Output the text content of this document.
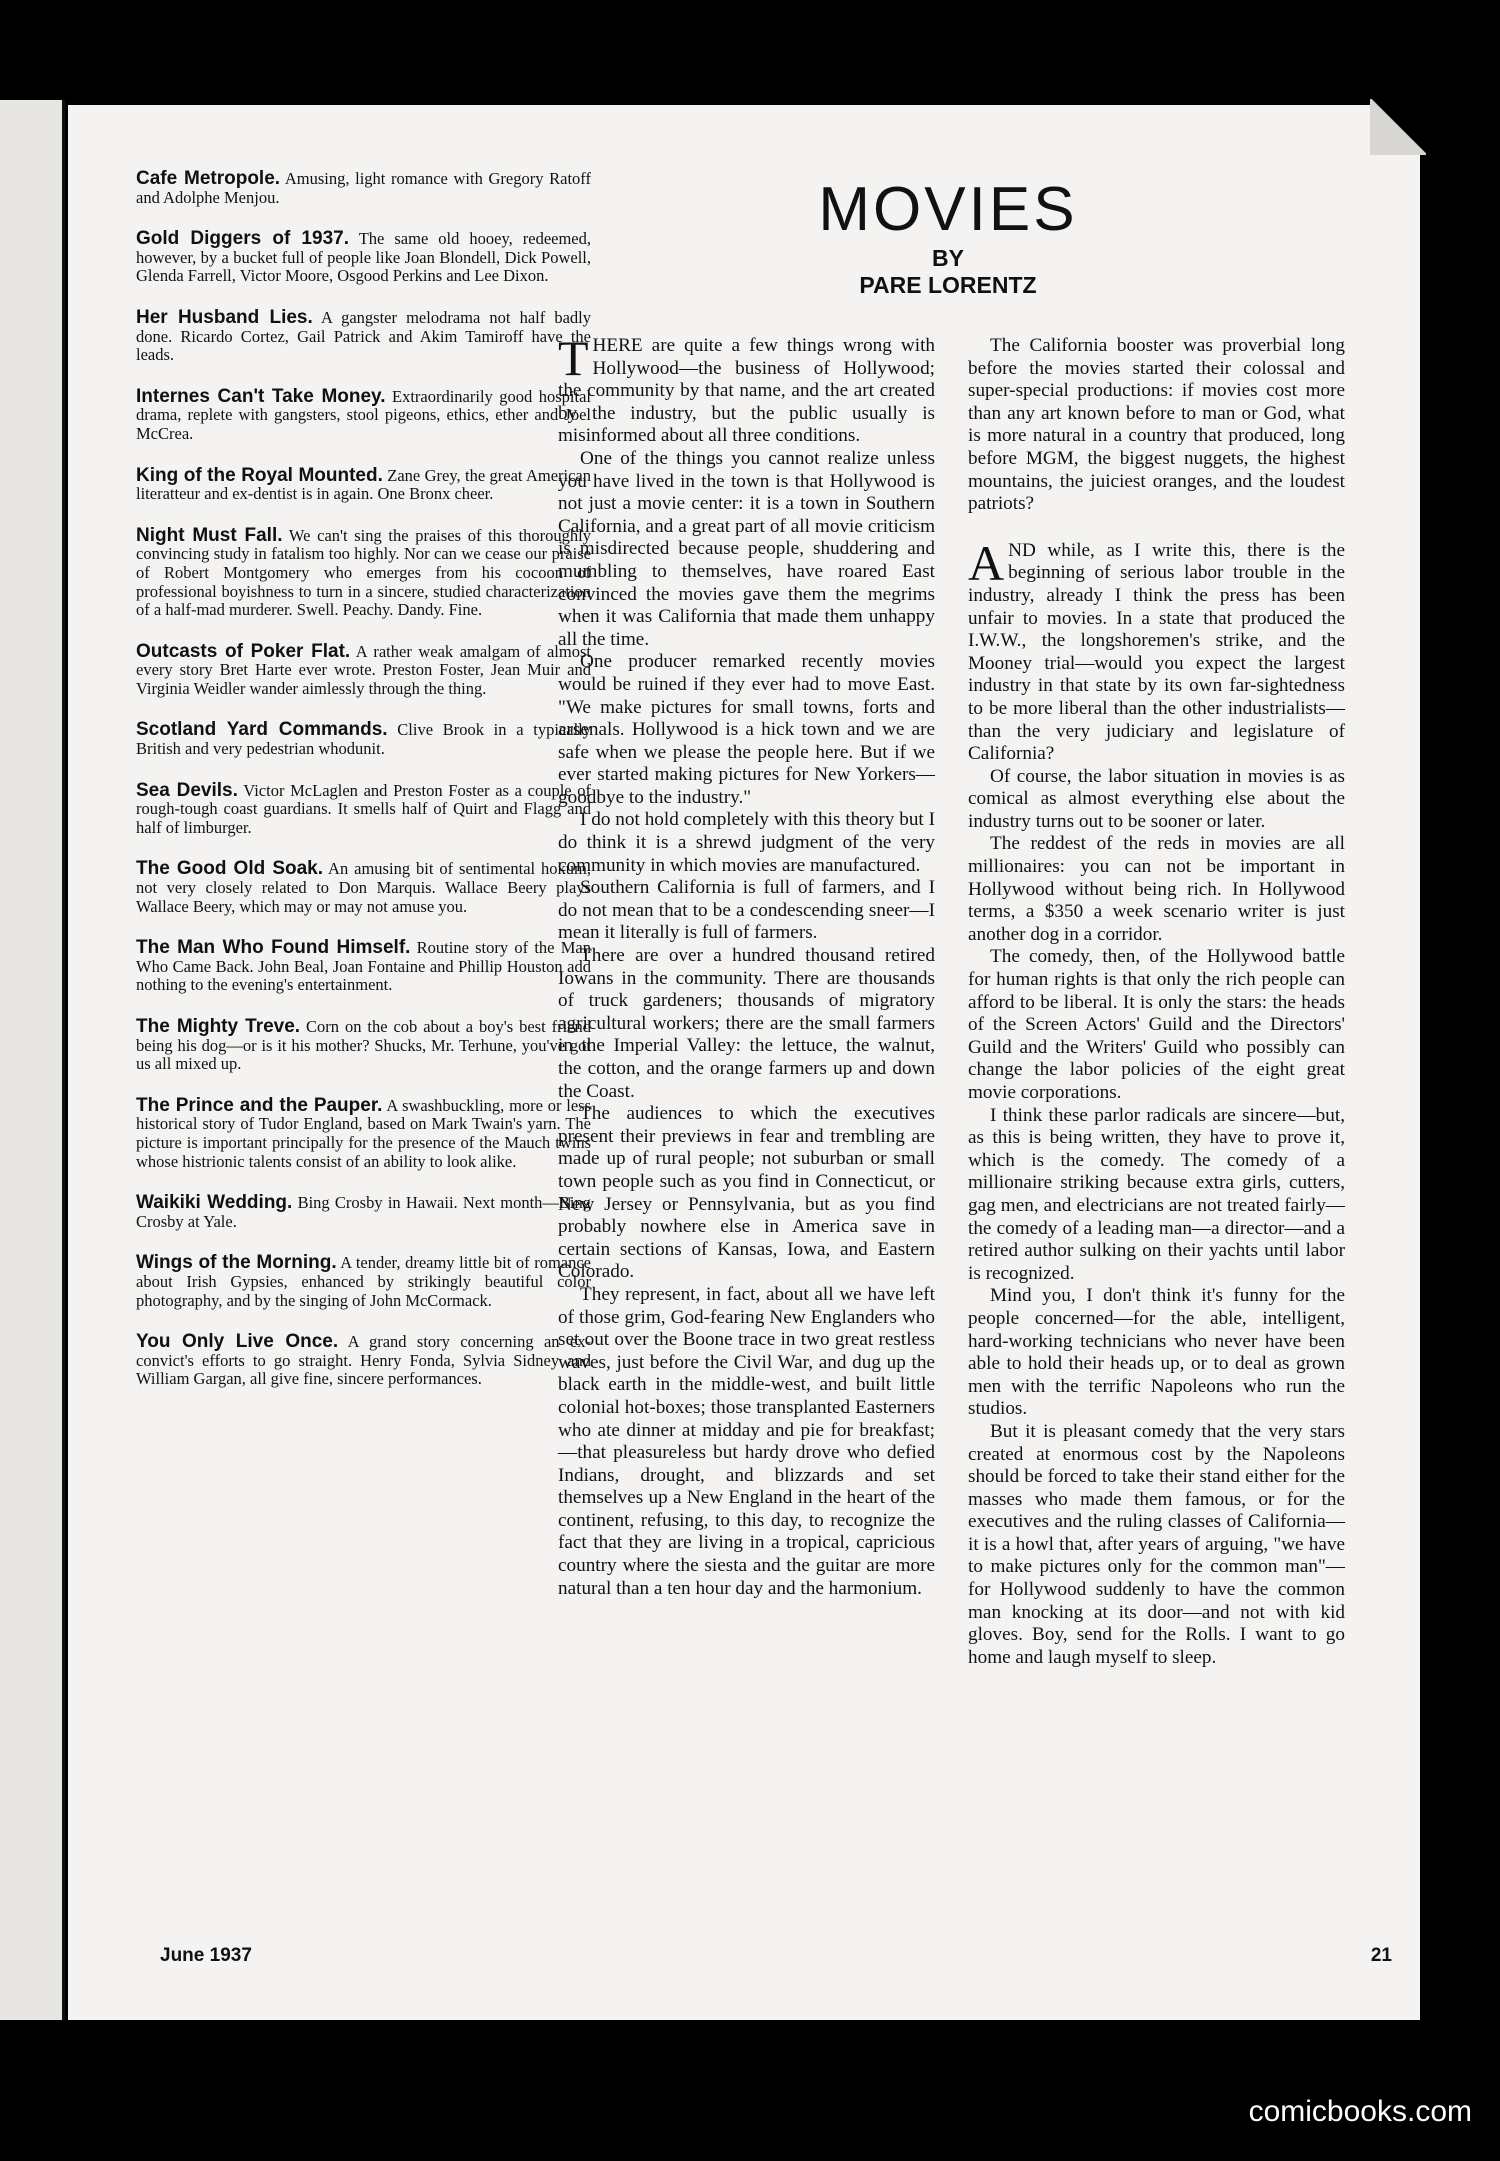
Cafe Metropole. Amusing, light romance with Gregory Ratoff and Adolphe Menjou.
Gold Diggers of 1937. The same old hooey, redeemed, however, by a bucket full of people like Joan Blondell, Dick Powell, Glenda Farrell, Victor Moore, Osgood Perkins and Lee Dixon.
Her Husband Lies. A gangster melodrama not half badly done. Ricardo Cortez, Gail Patrick and Akim Tamiroff have the leads.
Internes Can't Take Money. Extraordinarily good hospital drama, replete with gangsters, stool pigeons, ethics, ether and Joel McCrea.
King of the Royal Mounted. Zane Grey, the great American literatteur and ex-dentist is in again. One Bronx cheer.
Night Must Fall. We can't sing the praises of this thoroughly convincing study in fatalism too highly. Nor can we cease our praise of Robert Montgomery who emerges from his cocoon of professional boyishness to turn in a sincere, studied characterization of a half-mad murderer. Swell. Peachy. Dandy. Fine.
Outcasts of Poker Flat. A rather weak amalgam of almost every story Bret Harte ever wrote. Preston Foster, Jean Muir and Virginia Weidler wander aimlessly through the thing.
Scotland Yard Commands. Clive Brook in a typically British and very pedestrian whodunit.
Sea Devils. Victor McLaglen and Preston Foster as a couple of rough-tough coast guardians. It smells half of Quirt and Flagg and half of limburger.
The Good Old Soak. An amusing bit of sentimental hokum, not very closely related to Don Marquis. Wallace Beery plays Wallace Beery, which may or may not amuse you.
The Man Who Found Himself. Routine story of the Man Who Came Back. John Beal, Joan Fontaine and Phillip Houston add nothing to the evening's entertainment.
The Mighty Treve. Corn on the cob about a boy's best friend being his dog—or is it his mother? Shucks, Mr. Terhune, you've got us all mixed up.
The Prince and the Pauper. A swashbuckling, more or less historical story of Tudor England, based on Mark Twain's yarn. The picture is important principally for the presence of the Mauch twins whose histrionic talents consist of an ability to look alike.
Waikiki Wedding. Bing Crosby in Hawaii. Next month—Bing Crosby at Yale.
Wings of the Morning. A tender, dreamy little bit of romance about Irish Gypsies, enhanced by strikingly beautiful color photography, and by the singing of John McCormack.
You Only Live Once. A grand story concerning an ex-convict's efforts to go straight. Henry Fonda, Sylvia Sidney and William Gargan, all give fine, sincere performances.
MOVIES
BY
PARE LORENTZ

THERE are quite a few things wrong with Hollywood—the business of Hollywood; the community by that name, and the art created by the industry, but the public usually is misinformed about all three conditions.

One of the things you cannot realize unless you have lived in the town is that Hollywood is not just a movie center: it is a town in Southern California, and a great part of all movie criticism is misdirected because people, shuddering and mumbling to themselves, have roared East convinced the movies gave them the megrims when it was California that made them unhappy all the time.

One producer remarked recently movies would be ruined if they ever had to move East. "We make pictures for small towns, forts and arsenals. Hollywood is a hick town and we are safe when we please the people here. But if we ever started making pictures for New Yorkers—goodbye to the industry."

I do not hold completely with this theory but I do think it is a shrewd judgment of the very community in which movies are manufactured.

Southern California is full of farmers, and I do not mean that to be a condescending sneer—I mean it literally is full of farmers.

There are over a hundred thousand retired Iowans in the community. There are thousands of truck gardeners; thousands of migratory agricultural workers; there are the small farmers in the Imperial Valley: the lettuce, the walnut, the cotton, and the orange farmers up and down the Coast.

The audiences to which the executives present their previews in fear and trembling are made up of rural people; not suburban or small town people such as you find in Connecticut, or New Jersey or Pennsylvania, but as you find probably nowhere else in America save in certain sections of Kansas, Iowa, and Eastern Colorado.

They represent, in fact, about all we have left of those grim, God-fearing New Englanders who set out over the Boone trace in two great restless waves, just before the Civil War, and dug up the black earth in the middle-west, and built little colonial hot-boxes; those transplanted Easterners who ate dinner at midday and pie for breakfast;—that pleasureless but hardy drove who defied Indians, drought, and blizzards and set themselves up a New England in the heart of the continent, refusing, to this day, to recognize the fact that they are living in a tropical, capricious country where the siesta and the guitar are more natural than a ten hour day and the harmonium.

The California booster was proverbial long before the movies started their colossal and super-special productions: if movies cost more than any art known before to man or God, what is more natural in a country that produced, long before MGM, the biggest nuggets, the highest mountains, the juiciest oranges, and the loudest patriots?

AND while, as I write this, there is the beginning of serious labor trouble in the industry, already I think the press has been unfair to movies. In a state that produced the I.W.W., the longshoremen's strike, and the Mooney trial—would you expect the largest industry in that state by its own far-sightedness to be more liberal than the other industrialists—than the very judiciary and legislature of California?

Of course, the labor situation in movies is as comical as almost everything else about the industry turns out to be sooner or later.

The reddest of the reds in movies are all millionaires: you can not be important in Hollywood without being rich. In Hollywood terms, a $350 a week scenario writer is just another dog in a corridor.

The comedy, then, of the Hollywood battle for human rights is that only the rich people can afford to be liberal. It is only the stars: the heads of the Screen Actors' Guild and the Directors' Guild and the Writers' Guild who possibly can change the labor policies of the eight great movie corporations.

I think these parlor radicals are sincere—but, as this is being written, they have to prove it, which is the comedy. The comedy of a millionaire striking because extra girls, cutters, gag men, and electricians are not treated fairly—the comedy of a leading man—a director—and a retired author sulking on their yachts until labor is recognized.

Mind you, I don't think it's funny for the people concerned—for the able, intelligent, hard-working technicians who never have been able to hold their heads up, or to deal as grown men with the terrific Napoleons who run the studios.

But it is pleasant comedy that the very stars created at enormous cost by the Napoleons should be forced to take their stand either for the masses who made them famous, or for the executives and the ruling classes of California—it is a howl that, after years of arguing, "we have to make pictures only for the common man"—for Hollywood suddenly to have the common man knocking at its door—and not with kid gloves. Boy, send for the Rolls. I want to go home and laugh myself to sleep.

June 1937	21
comicbooks.com
